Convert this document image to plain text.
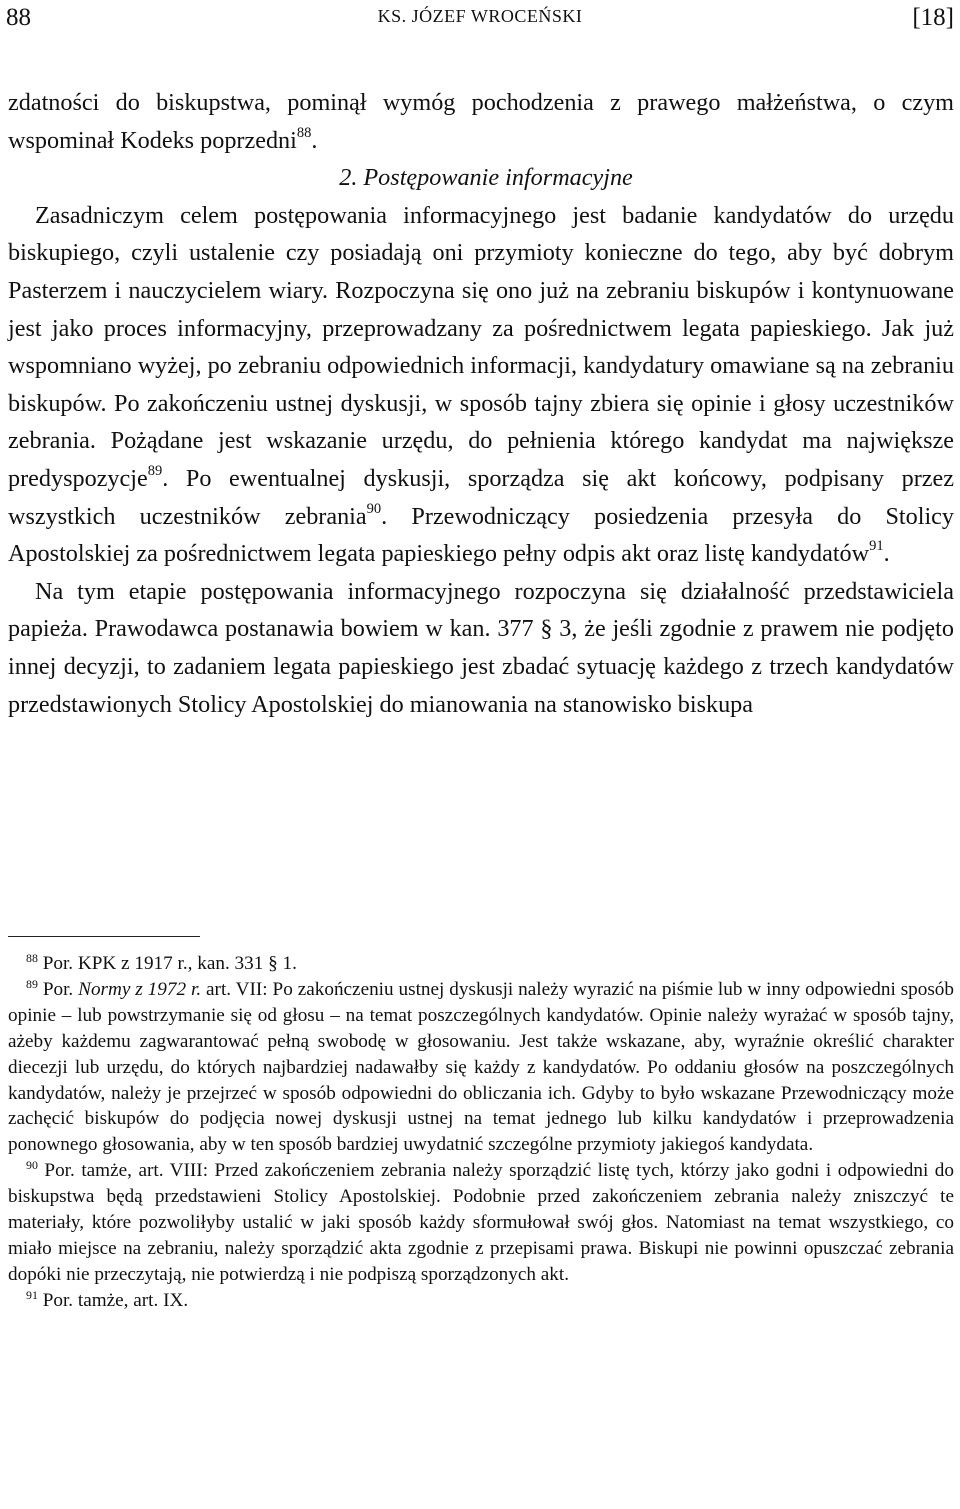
88	KS. JÓZEF WROCEŃSKI	[18]

zdatności do biskupstwa, pominął wymóg pochodzenia z prawego małżeństwa, o czym wspominał Kodeks poprzedni$^{88}$.

2. Postępowanie informacyjne

Zasadniczym celem postępowania informacyjnego jest badanie kandydatów do urzędu biskupiego, czyli ustalenie czy posiadają oni przymioty konieczne do tego, aby być dobrym Pasterzem i nauczycielem wiary. Rozpoczyna się ono już na zebraniu biskupów i kontynuowane jest jako proces informacyjny, przeprowadzany za pośrednictwem legata papieskiego. Jak już wspomniano wyżej, po zebraniu odpowiednich informacji, kandydatury omawiane są na zebraniu biskupów. Po zakończeniu ustnej dyskusji, w sposób tajny zbiera się opinie i głosy uczestników zebrania. Pożądane jest wskazanie urzędu, do pełnienia którego kandydat ma największe predyspozycje$^{89}$. Po ewentualnej dyskusji, sporządza się akt końcowy, podpisany przez wszystkich uczestników zebrania$^{90}$. Przewodniczący posiedzenia przesyła do Stolicy Apostolskiej za pośrednictwem legata papieskiego pełny odpis akt oraz listę kandydatów$^{91}$.

Na tym etapie postępowania informacyjnego rozpoczyna się działalność przedstawiciela papieża. Prawodawca postanawia bowiem w kan. 377 § 3, że jeśli zgodnie z prawem nie podjęto innej decyzji, to zadaniem legata papieskiego jest zbadać sytuację każdego z trzech kandydatów przedstawionych Stolicy Apostolskiej do mianowania na stanowisko biskupa

$^{88}$ Por. KPK z 1917 r., kan. 331 § 1.

$^{89}$ Por. Normy z 1972 r. art. VII: Po zakończeniu ustnej dyskusji należy wyrazić na piśmie lub w inny odpowiedni sposób opinie – lub powstrzymanie się od głosu – na temat poszczególnych kandydatów. Opinie należy wyrażać w sposób tajny, ażeby każdemu zagwarantować pełną swobodę w głosowaniu. Jest także wskazane, aby, wyraźnie określić charakter diecezji lub urzędu, do których najbardziej nadawałby się każdy z kandydatów. Po oddaniu głosów na poszczególnych kandydatów, należy je przejrzeć w sposób odpowiedni do obliczania ich. Gdyby to było wskazane Przewodniczący może zachęcić biskupów do podjęcia nowej dyskusji ustnej na temat jednego lub kilku kandydatów i przeprowadzenia ponownego głosowania, aby w ten sposób bardziej uwydatnić szczególne przymioty jakiegoś kandydata.

$^{90}$ Por. tamże, art. VIII: Przed zakończeniem zebrania należy sporządzić listę tych, którzy jako godni i odpowiedni do biskupstwa będą przedstawieni Stolicy Apostolskiej. Podobnie przed zakończeniem zebrania należy zniszczyć te materiały, które pozwoliłyby ustalić w jaki sposób każdy sformułował swój głos. Natomiast na temat wszystkiego, co miało miejsce na zebraniu, należy sporządzić akta zgodnie z przepisami prawa. Biskupi nie powinni opuszczać zebrania dopóki nie przeczytają, nie potwierdzą i nie podpiszą sporządzonych akt.

$^{91}$ Por. tamże, art. IX.
